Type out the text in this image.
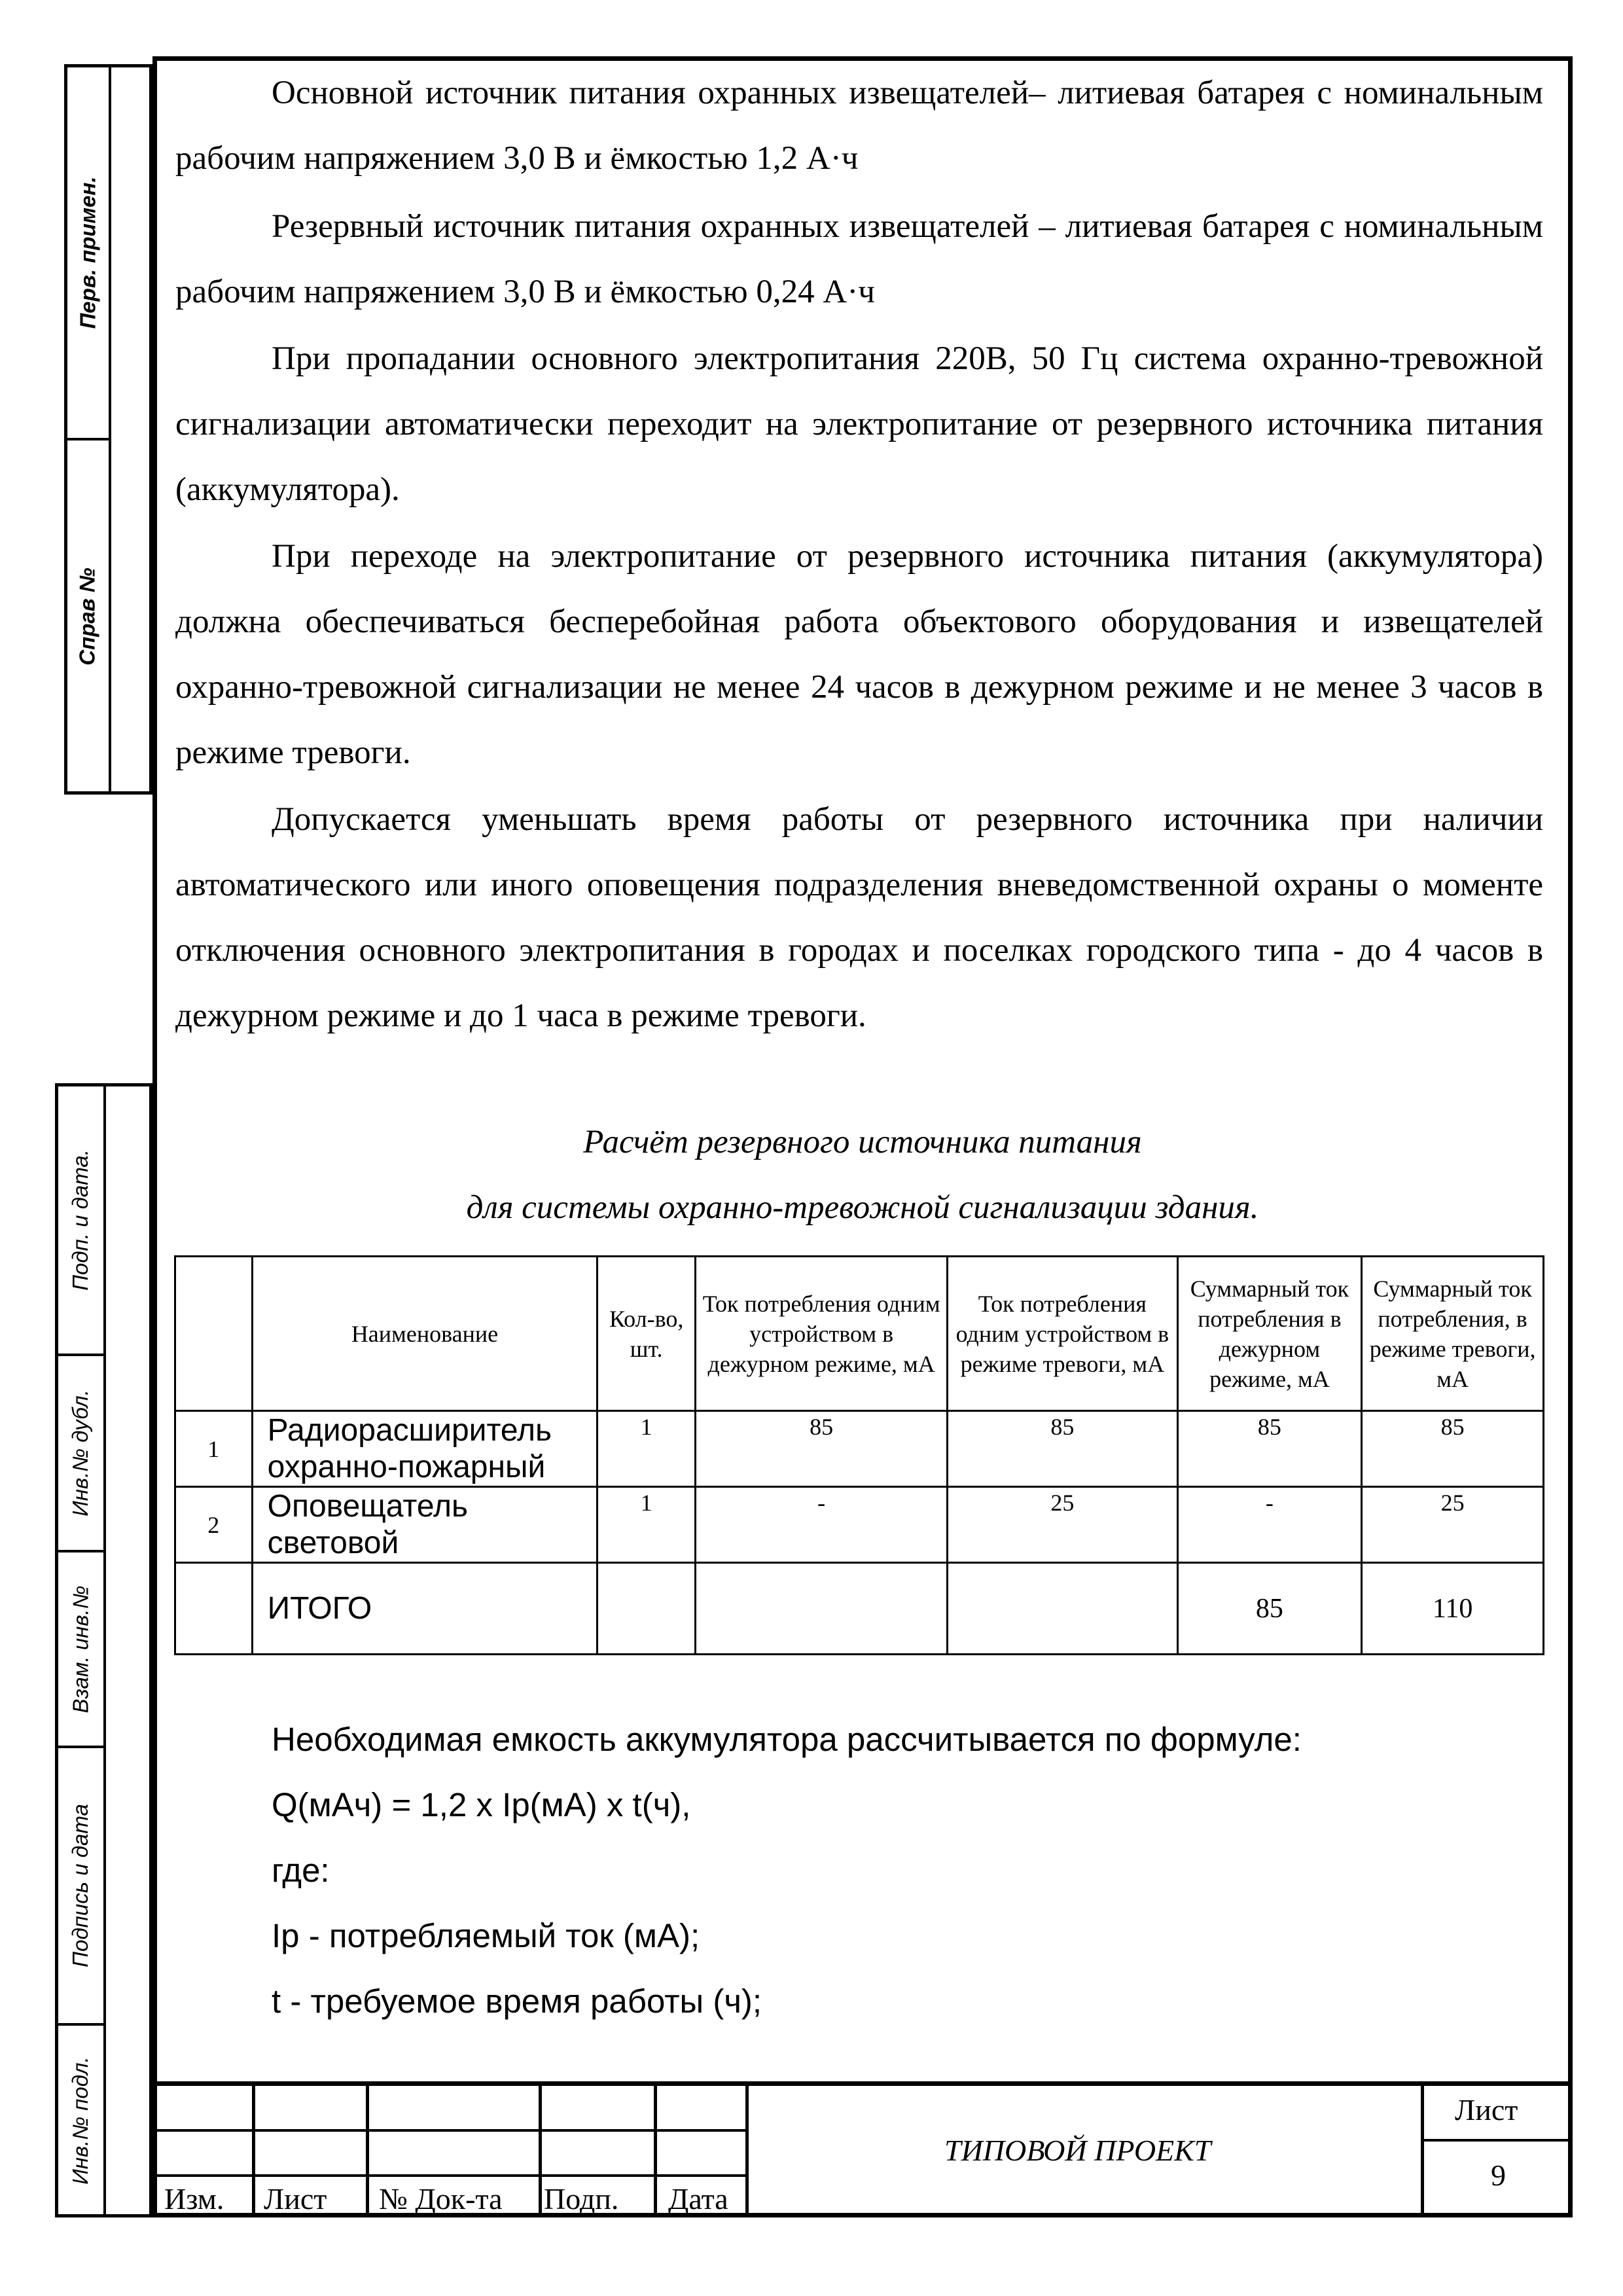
Перв. примен.
Справ №
Подп. и дата.
Инв.№ дубл.
Взам. инв.№
Подпись и дата
Инв.№ подл.

Основной источник питания охранных извещателей– литиевая батарея с номинальным рабочим напряжением 3,0 В и ёмкостью 1,2 А·ч

Резервный источник питания охранных извещателей – литиевая батарея с номинальным рабочим напряжением 3,0 В и ёмкостью 0,24 А·ч

При пропадании основного электропитания 220В, 50 Гц система охранно-тревожной сигнализации автоматически переходит на электропитание от резервного источника питания (аккумулятора).

При переходе на электропитание от резервного источника питания (аккумулятора) должна обеспечиваться бесперебойная работа объектового оборудования и извещателей охранно-тревожной сигнализации не менее 24 часов в дежурном режиме и не менее 3 часов в режиме тревоги.

Допускается уменьшать время работы от резервного источника при наличии автоматического или иного оповещения подразделения вневедомственной охраны о моменте отключения основного электропитания в городах и поселках городского типа - до 4 часов в дежурном режиме и до 1 часа в режиме тревоги.

Расчёт резервного источника питания
для системы охранно-тревожной сигнализации здания.
	Наименование	Кол-во, шт.	Ток потребления одним устройством в дежурном режиме, мА	Ток потребления одним устройством в режиме тревоги, мА	Суммарный ток потребления в дежурном режиме, мА	Суммарный ток потребления, в режиме тревоги, мА
1	Радиорасширитель охранно-пожарный	1	85	85	85	85
2	Оповещатель световой	1	-	25	-	25
	ИТОГО				85	110
Необходимая емкость аккумулятора рассчитывается по формуле:
Q(мАч) = 1,2 x Iр(мА) x t(ч),
где:
Iр - потребляемый ток (мА);
t - требуемое время работы (ч);
Изм. Лист № Док-та Подп. Дата
ТИПОВОЙ ПРОЕКТ
Лист
9
